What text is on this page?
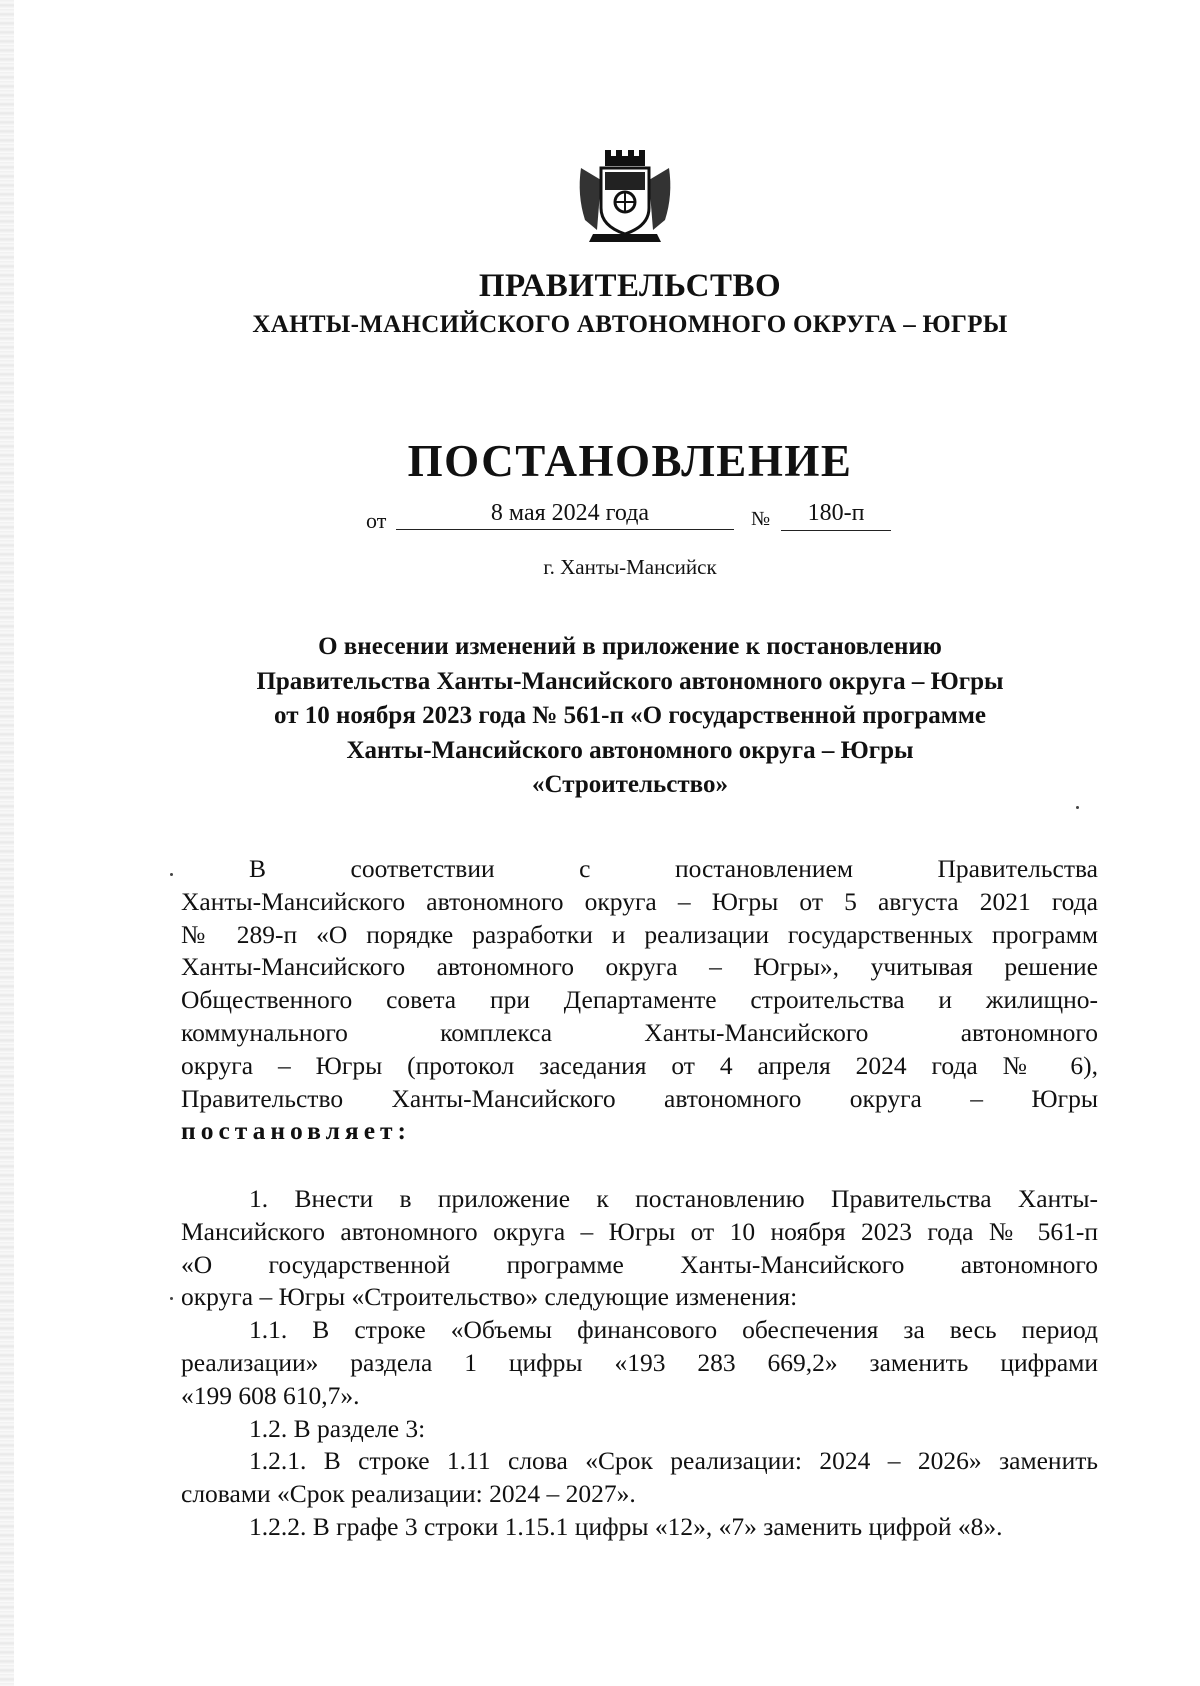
ПРАВИТЕЛЬСТВО
ХАНТЫ-МАНСИЙСКОГО АВТОНОМНОГО ОКРУГА – ЮГРЫ
ПОСТАНОВЛЕНИЕ
от	8 мая 2024 года	№	180-п
г. Ханты-Мансийск
О внесении изменений в приложение к постановлению
Правительства Ханты-Мансийского автономного округа – Югры
от 10 ноября 2023 года № 561-п «О государственной программе
Ханты-Мансийского автономного округа – Югры
«Строительство»
В соответствии с постановлением Правительства
Ханты-Мансийского автономного округа – Югры от 5 августа 2021 года
№ 289-п «О порядке разработки и реализации государственных программ
Ханты-Мансийского автономного округа – Югры», учитывая решение
Общественного совета при Департаменте строительства и жилищно-
коммунального комплекса Ханты-Мансийского автономного
округа – Югры (протокол заседания от 4 апреля 2024 года № 6),
Правительство Ханты-Мансийского автономного округа – Югры
постановляет:
1. Внести в приложение к постановлению Правительства Ханты-
Мансийского автономного округа – Югры от 10 ноября 2023 года № 561-п
«О государственной программе Ханты-Мансийского автономного
округа – Югры «Строительство» следующие изменения:
1.1. В строке «Объемы финансового обеспечения за весь период
реализации» раздела 1 цифры «193 283 669,2» заменить цифрами
«199 608 610,7».
1.2. В разделе 3:
1.2.1. В строке 1.11 слова «Срок реализации: 2024 – 2026» заменить
словами «Срок реализации: 2024 – 2027».
1.2.2. В графе 3 строки 1.15.1 цифры «12», «7» заменить цифрой «8».
